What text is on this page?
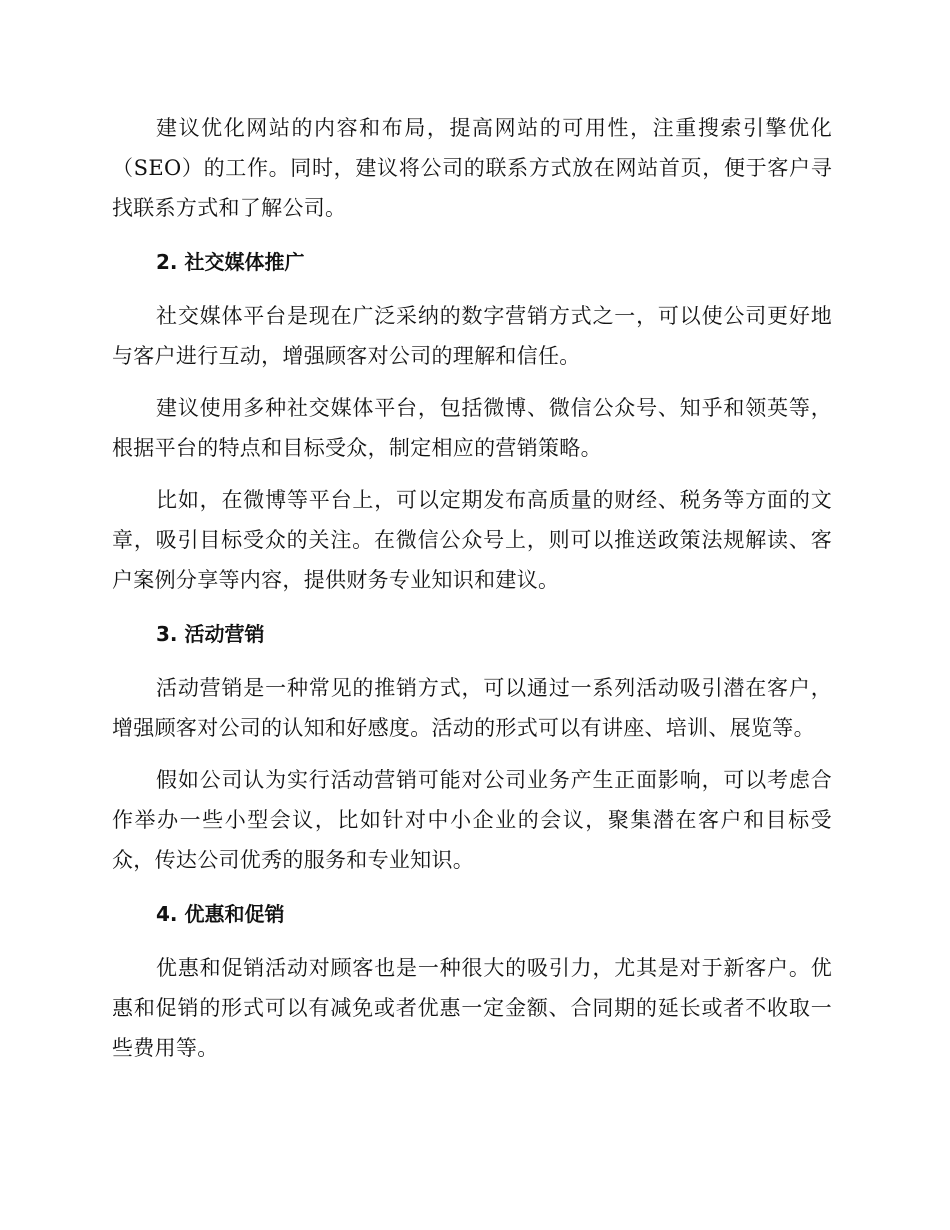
建议优化网站的内容和布局，提高网站的可用性，注重搜索引擎优化（SEO）的工作。同时，建议将公司的联系方式放在网站首页，便于客户寻找联系方式和了解公司。

2. 社交媒体推广

社交媒体平台是现在广泛采纳的数字营销方式之一，可以使公司更好地与客户进行互动，增强顾客对公司的理解和信任。

建议使用多种社交媒体平台，包括微博、微信公众号、知乎和领英等，根据平台的特点和目标受众，制定相应的营销策略。

比如，在微博等平台上，可以定期发布高质量的财经、税务等方面的文章，吸引目标受众的关注。在微信公众号上，则可以推送政策法规解读、客户案例分享等内容，提供财务专业知识和建议。

3. 活动营销

活动营销是一种常见的推销方式，可以通过一系列活动吸引潜在客户，增强顾客对公司的认知和好感度。活动的形式可以有讲座、培训、展览等。

假如公司认为实行活动营销可能对公司业务产生正面影响，可以考虑合作举办一些小型会议，比如针对中小企业的会议，聚集潜在客户和目标受众，传达公司优秀的服务和专业知识。

4. 优惠和促销

优惠和促销活动对顾客也是一种很大的吸引力，尤其是对于新客户。优惠和促销的形式可以有减免或者优惠一定金额、合同期的延长或者不收取一些费用等。
